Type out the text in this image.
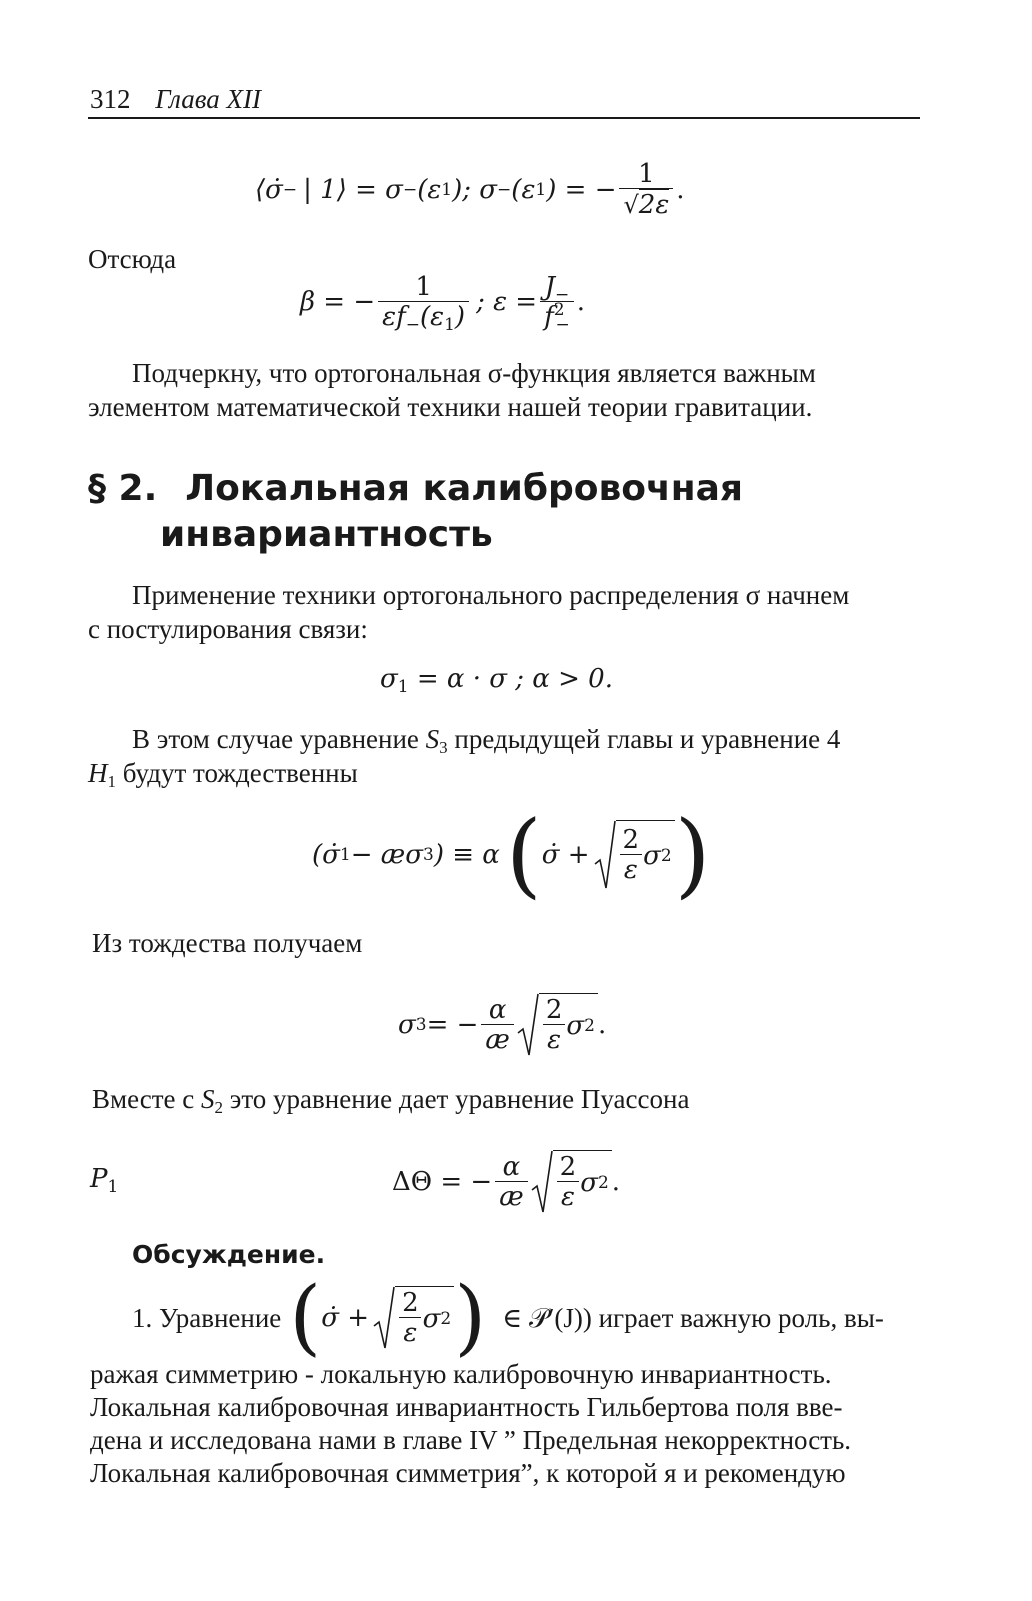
312 Глава XII
⟨σ̇ − | 1⟩ = σ − (ε 1 ); σ − (ε 1 ) = − $\frac{1}{√ 2\varepsilon}$ .
Отсюда
β = − $\frac{1}{\varepsilon f_-(\varepsilon_1)}$ ; $\varepsilon = \frac{J_-}{f^2_-}$ .
Подчеркну, что ортогональная σ-функция является важным
элементом математической техники нашей теории гравитации.
§ 2. Локальная калибровочная
инвариантность
Применение техники ортогонального распределения σ начнем
с постулирования связи:
$\sigma_1 = \alpha \cdot \sigma$ ; α > 0.
В этом случае уравнение $S_3$ предыдущей главы и уравнение 4
$H_1$ будут тождественны
(σ̇ 1 − æσ 3 ) ≡ α ( σ̇ + $\frac{2}{\varepsilon}$ σ 2 )
Из тождества получаем
σ 3 = − $\frac{\alpha}{æ} \frac{2}{\varepsilon}$ σ 2 .
Вместе с $S_2$ это уравнение дает уравнение Пуассона
$P_1$	ΔΘ = − $\frac{\alpha}{æ} \frac{2}{\varepsilon}$ σ 2 .
Обсуждение.
1. Уравнение ( σ̇ + $\frac{2}{\varepsilon}$ σ 2 ) ∈ 𝒫′(J)) играет важную роль, вы-
ражая симметрию - локальную калибровочную инвариантность.
Локальная калибровочная инвариантность Гильбертова поля вве-
дена и исследована нами в главе IV ” Предельная некорректность.
Локальная калибровочная симметрия”, к которой я и рекомендую
